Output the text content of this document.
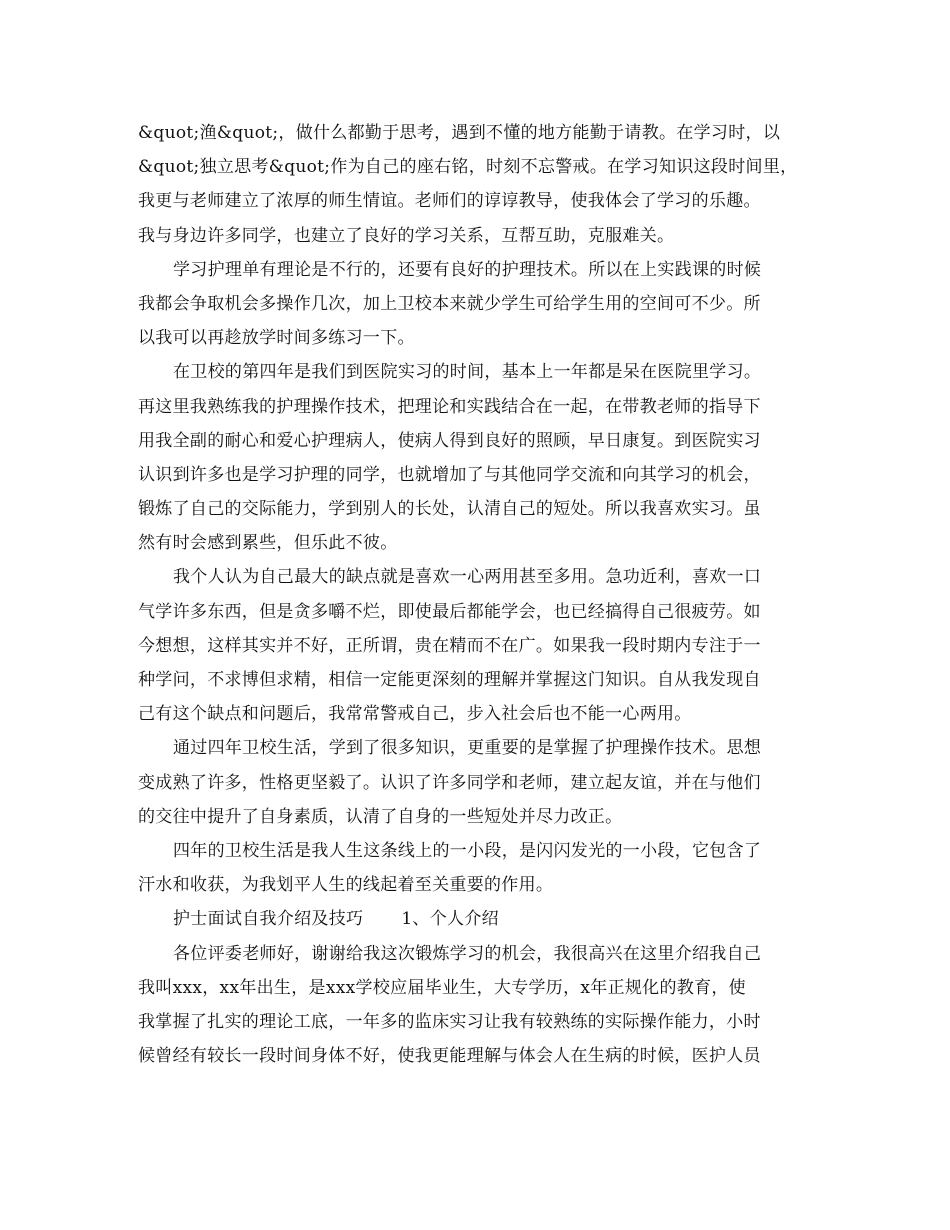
&quot;渔&quot;，做什么都勤于思考，遇到不懂的地方能勤于请教。在学习时，以
&quot;独立思考&quot;作为自己的座右铭，时刻不忘警戒。在学习知识这段时间里，
我更与老师建立了浓厚的师生情谊。老师们的谆谆教导，使我体会了学习的乐趣。
我与身边许多同学，也建立了良好的学习关系，互帮互助，克服难关。
学习护理单有理论是不行的，还要有良好的护理技术。所以在上实践课的时候
我都会争取机会多操作几次，加上卫校本来就少学生可给学生用的空间可不少。所
以我可以再趁放学时间多练习一下。
在卫校的第四年是我们到医院实习的时间，基本上一年都是呆在医院里学习。
再这里我熟练我的护理操作技术，把理论和实践结合在一起，在带教老师的指导下
用我全副的耐心和爱心护理病人，使病人得到良好的照顾，早日康复。到医院实习
认识到许多也是学习护理的同学，也就增加了与其他同学交流和向其学习的机会，
锻炼了自己的交际能力，学到别人的长处，认清自己的短处。所以我喜欢实习。虽
然有时会感到累些，但乐此不彼。
我个人认为自己最大的缺点就是喜欢一心两用甚至多用。急功近利，喜欢一口
气学许多东西，但是贪多嚼不烂，即使最后都能学会，也已经搞得自己很疲劳。如
今想想，这样其实并不好，正所谓，贵在精而不在广。如果我一段时期内专注于一
种学问，不求博但求精，相信一定能更深刻的理解并掌握这门知识。自从我发现自
己有这个缺点和问题后，我常常警戒自己，步入社会后也不能一心两用。
通过四年卫校生活，学到了很多知识，更重要的是掌握了护理操作技术。思想
变成熟了许多，性格更坚毅了。认识了许多同学和老师，建立起友谊，并在与他们
的交往中提升了自身素质，认清了自身的一些短处并尽力改正。
四年的卫校生活是我人生这条线上的一小段，是闪闪发光的一小段，它包含了
汗水和收获，为我划平人生的线起着至关重要的作用。
护士面试自我介绍及技巧 1、个人介绍
各位评委老师好，谢谢给我这次锻炼学习的机会，我很高兴在这里介绍我自己
我叫xxx，xx年出生，是xxx学校应届毕业生，大专学历，x年正规化的教育，使
我掌握了扎实的理论工底，一年多的监床实习让我有较熟练的实际操作能力，小时
候曾经有较长一段时间身体不好，使我更能理解与体会人在生病的时候，医护人员
